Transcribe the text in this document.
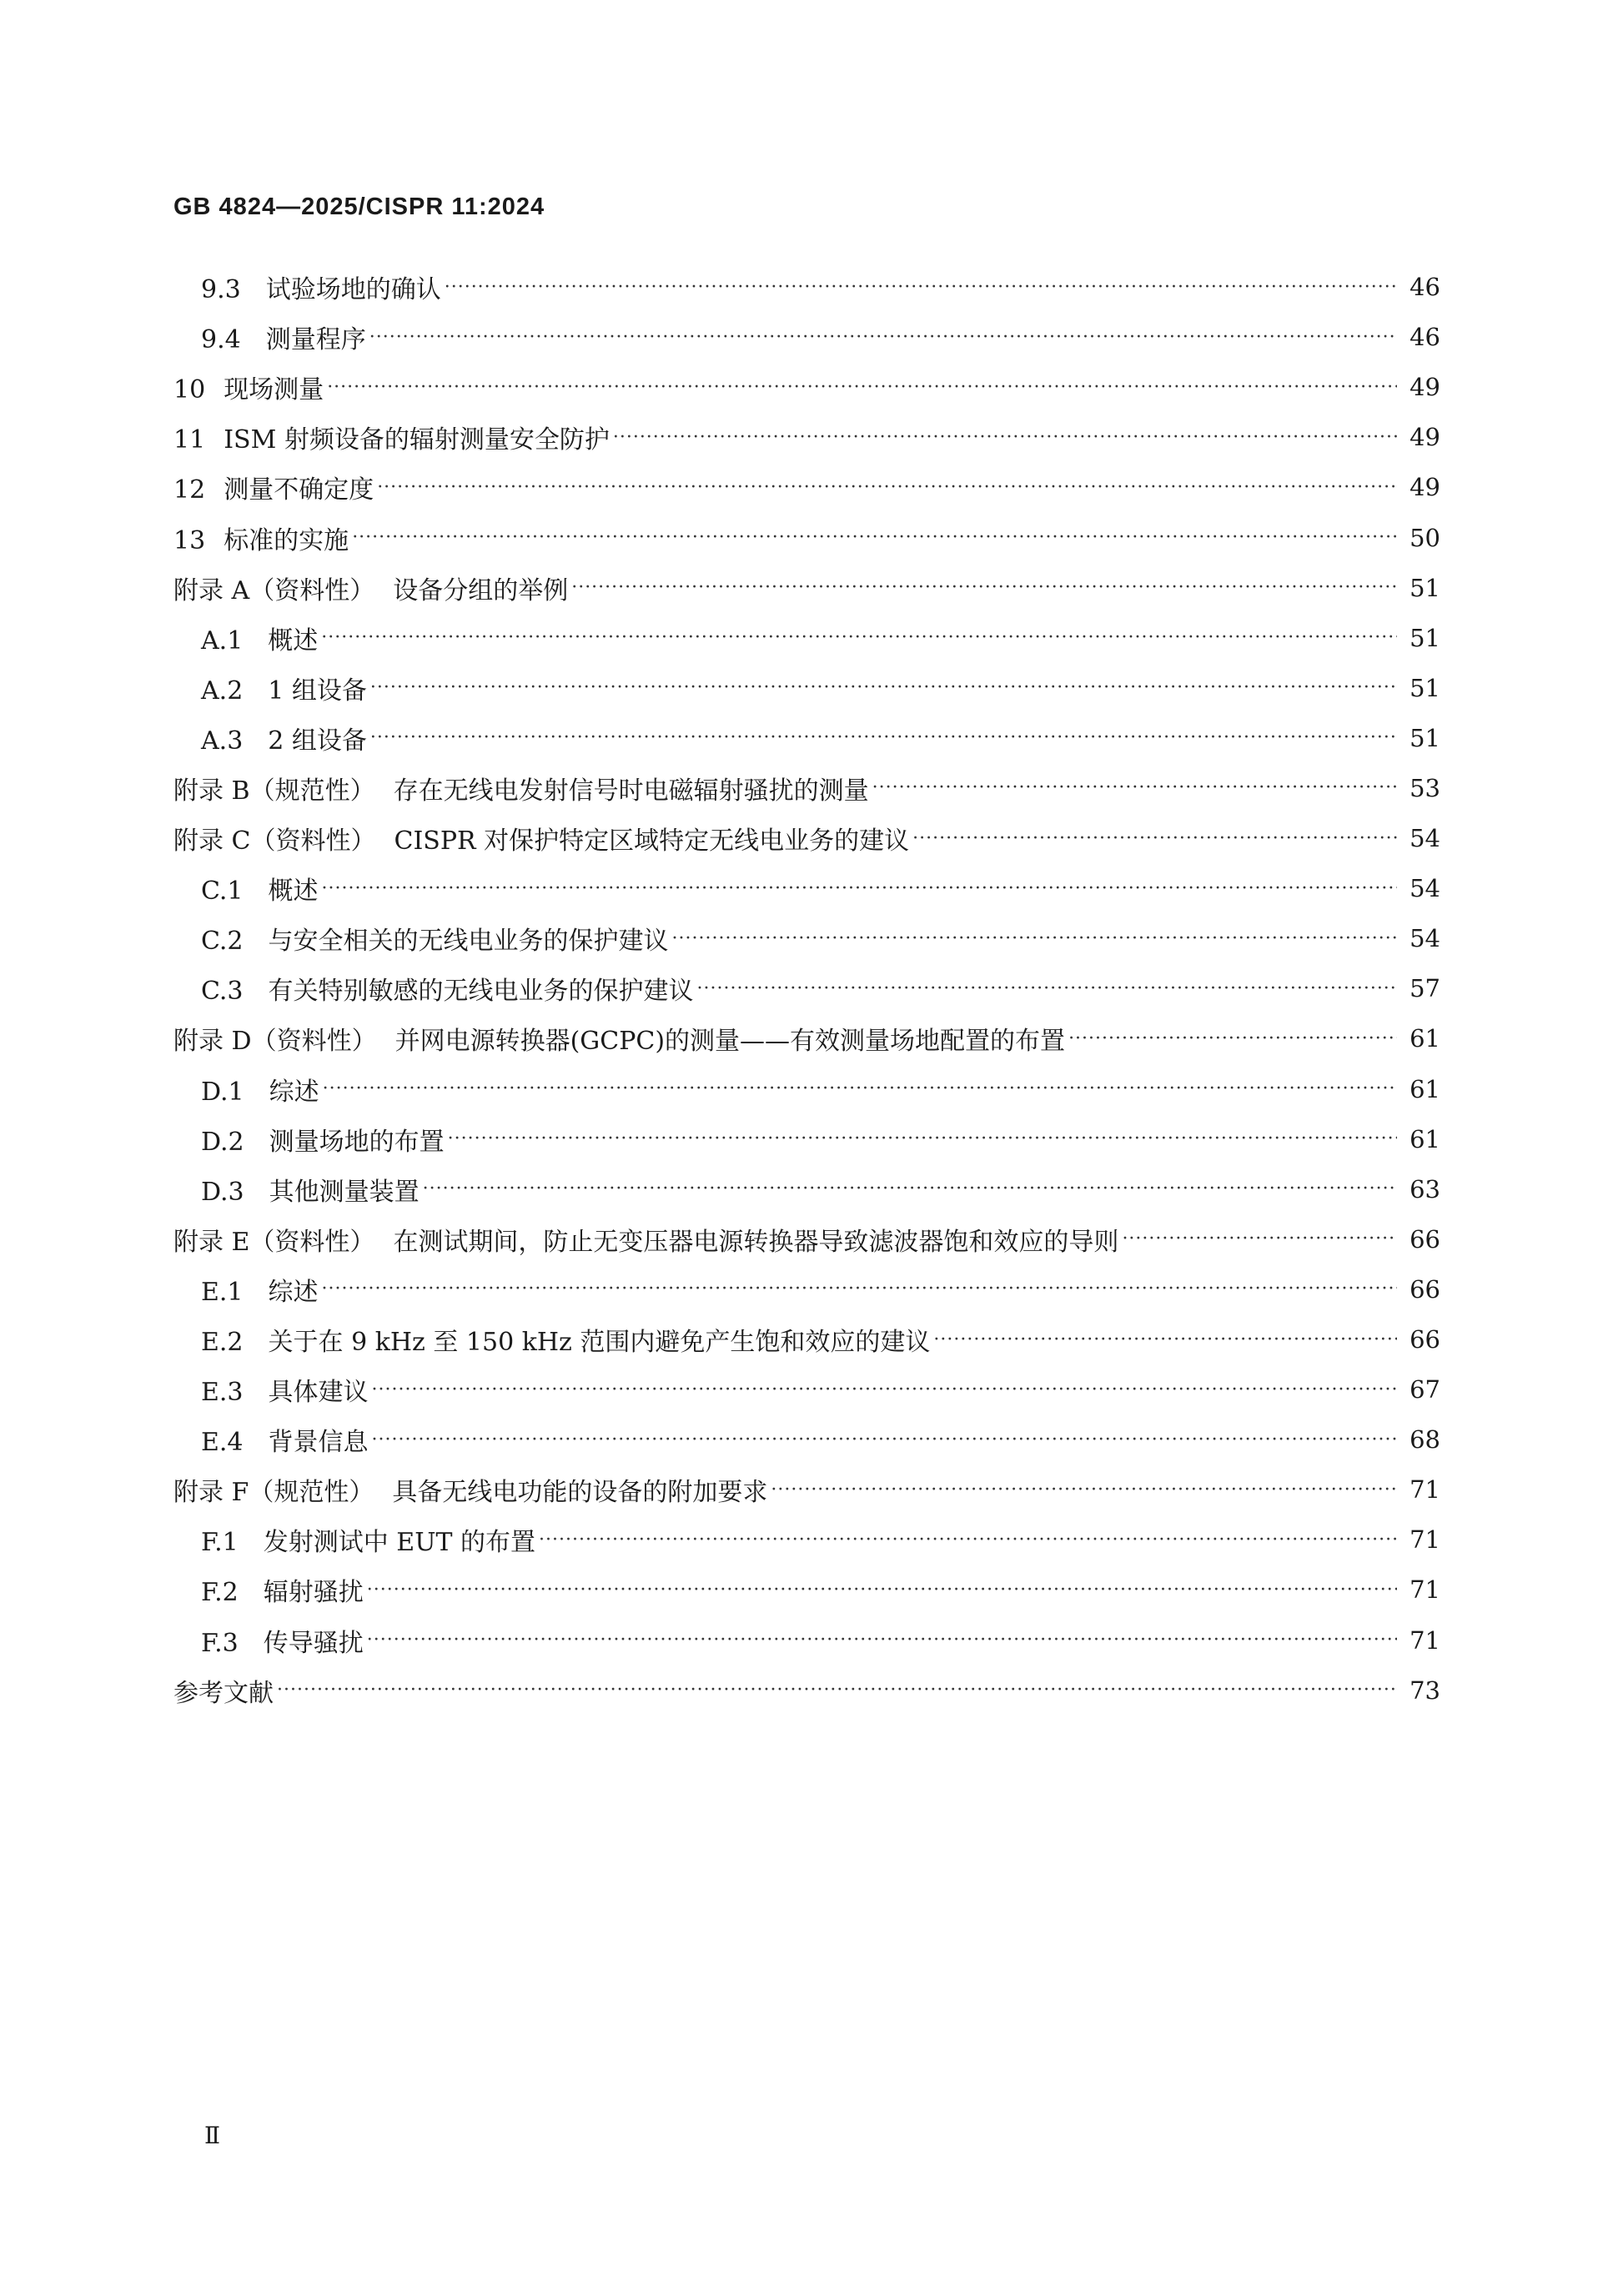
GB 4824—2025/CISPR 11:2024
9.3 试验场地的确认 ·····	46
9.4 测量程序 ·····	46
10 现场测量 ·····	49
11 ISM 射频设备的辐射测量安全防护 ·····	49
12 测量不确定度 ·····	49
13 标准的实施 ·····	50
附录 A（资料性） 设备分组的举例 ·····	51
A.1 概述 ·····	51
A.2 1 组设备 ·····	51
A.3 2 组设备 ·····	51
附录 B（规范性） 存在无线电发射信号时电磁辐射骚扰的测量 ·····	53
附录 C（资料性） CISPR 对保护特定区域特定无线电业务的建议 ·····	54
C.1 概述 ·····	54
C.2 与安全相关的无线电业务的保护建议 ·····	54
C.3 有关特别敏感的无线电业务的保护建议 ·····	57
附录 D（资料性） 并网电源转换器(GCPC)的测量——有效测量场地配置的布置 ·····	61
D.1 综述 ·····	61
D.2 测量场地的布置 ·····	61
D.3 其他测量装置 ·····	63
附录 E（资料性） 在测试期间，防止无变压器电源转换器导致滤波器饱和效应的导则 ·····	66
E.1 综述 ·····	66
E.2 关于在 9 kHz 至 150 kHz 范围内避免产生饱和效应的建议 ·····	66
E.3 具体建议 ·····	67
E.4 背景信息 ·····	68
附录 F（规范性） 具备无线电功能的设备的附加要求 ·····	71
F.1 发射测试中 EUT 的布置 ·····	71
F.2 辐射骚扰 ·····	71
F.3 传导骚扰 ·····	71
参考文献 ·····	73
Ⅱ
